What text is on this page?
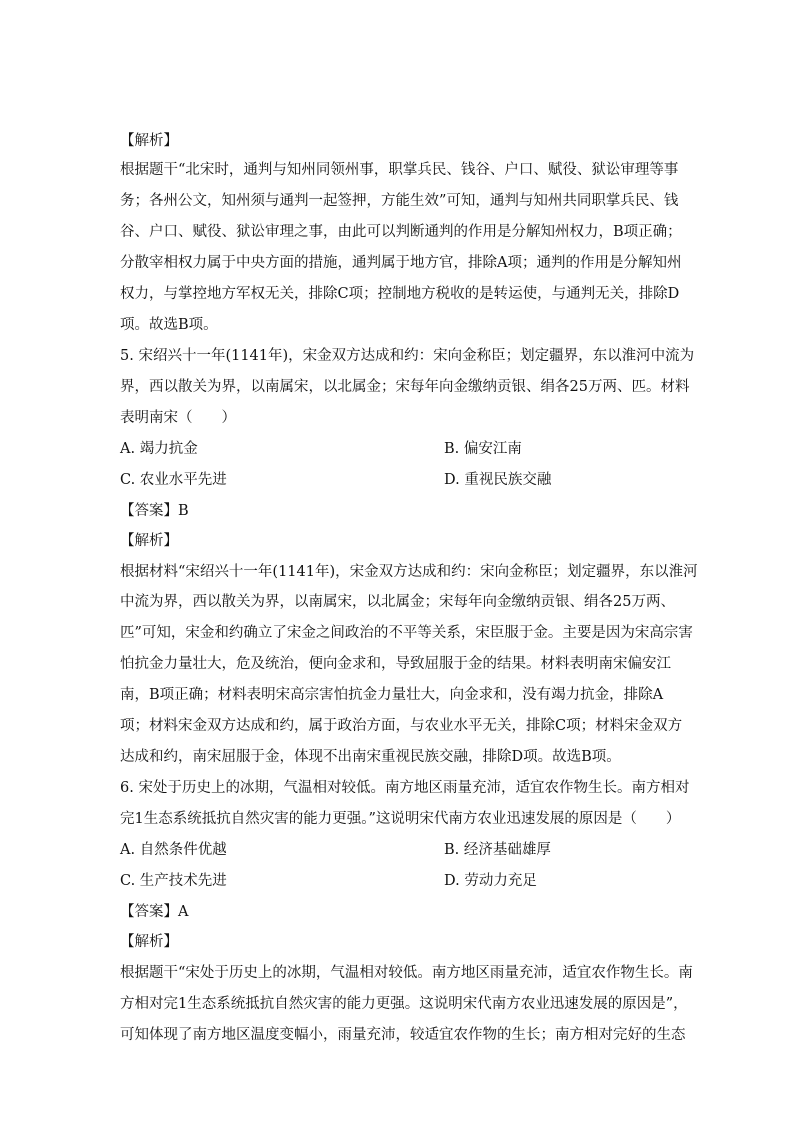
【解析】
根据题干“北宋时，通判与知州同领州事，职掌兵民、钱谷、户口、赋役、狱讼审理等事
务；各州公文，知州须与通判一起签押，方能生效”可知，通判与知州共同职掌兵民、钱
谷、户口、赋役、狱讼审理之事，由此可以判断通判的作用是分解知州权力，B项正确；
分散宰相权力属于中央方面的措施，通判属于地方官，排除A项；通判的作用是分解知州
权力，与掌控地方军权无关，排除C项；控制地方税收的是转运使，与通判无关，排除D
项。故选B项。
5. 宋绍兴十一年(1141年)，宋金双方达成和约：宋向金称臣；划定疆界，东以淮河中流为
界，西以散关为界，以南属宋，以北属金；宋每年向金缴纳贡银、绢各25万两、匹。材料
表明南宋（　　）
A. 竭力抗金	B. 偏安江南
C. 农业水平先进	D. 重视民族交融
【答案】B
【解析】
根据材料“宋绍兴十一年(1141年)，宋金双方达成和约：宋向金称臣；划定疆界，东以淮河
中流为界，西以散关为界，以南属宋，以北属金；宋每年向金缴纳贡银、绢各25万两、
匹”可知，宋金和约确立了宋金之间政治的不平等关系，宋臣服于金。主要是因为宋高宗害
怕抗金力量壮大，危及统治，便向金求和，导致屈服于金的结果。材料表明南宋偏安江
南，B项正确；材料表明宋高宗害怕抗金力量壮大，向金求和，没有竭力抗金，排除A
项；材料宋金双方达成和约，属于政治方面，与农业水平无关，排除C项；材料宋金双方
达成和约，南宋屈服于金，体现不出南宋重视民族交融，排除D项。故选B项。
6. 宋处于历史上的冰期，气温相对较低。南方地区雨量充沛，适宜农作物生长。南方相对
完1生态系统抵抗自然灾害的能力更强。”这说明宋代南方农业迅速发展的原因是（　　）
A. 自然条件优越	B. 经济基础雄厚
C. 生产技术先进	D. 劳动力充足
【答案】A
【解析】
根据题干“宋处于历史上的冰期，气温相对较低。南方地区雨量充沛，适宜农作物生长。南
方相对完1生态系统抵抗自然灾害的能力更强。这说明宋代南方农业迅速发展的原因是”，
可知体现了南方地区温度变幅小，雨量充沛，较适宜农作物的生长；南方相对完好的生态
